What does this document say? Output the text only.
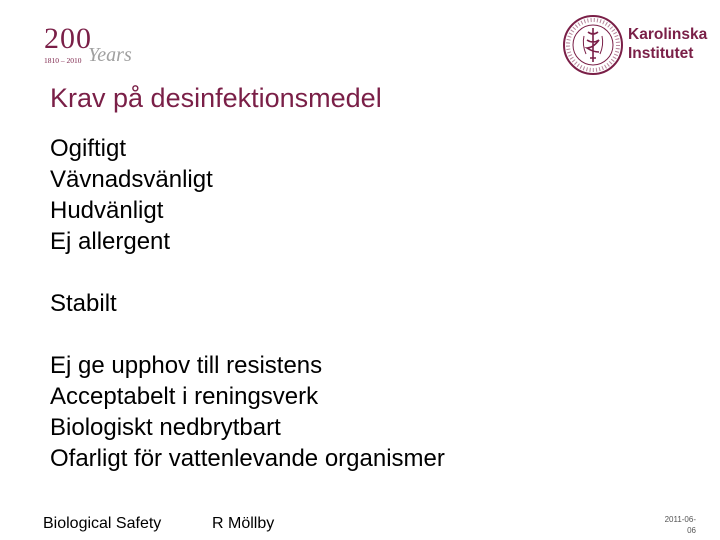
200
Years
1810 – 2010
Karolinska
Institutet
Krav på desinfektionsmedel
Ogiftigt
Vävnadsvänligt
Hudvänligt
Ej allergent
Stabilt
Ej ge upphov till resistens
Acceptabelt i reningsverk
Biologiskt nedbrytbart
Ofarligt för vattenlevande organismer
Biological Safety	R Möllby	2011-06-
06
